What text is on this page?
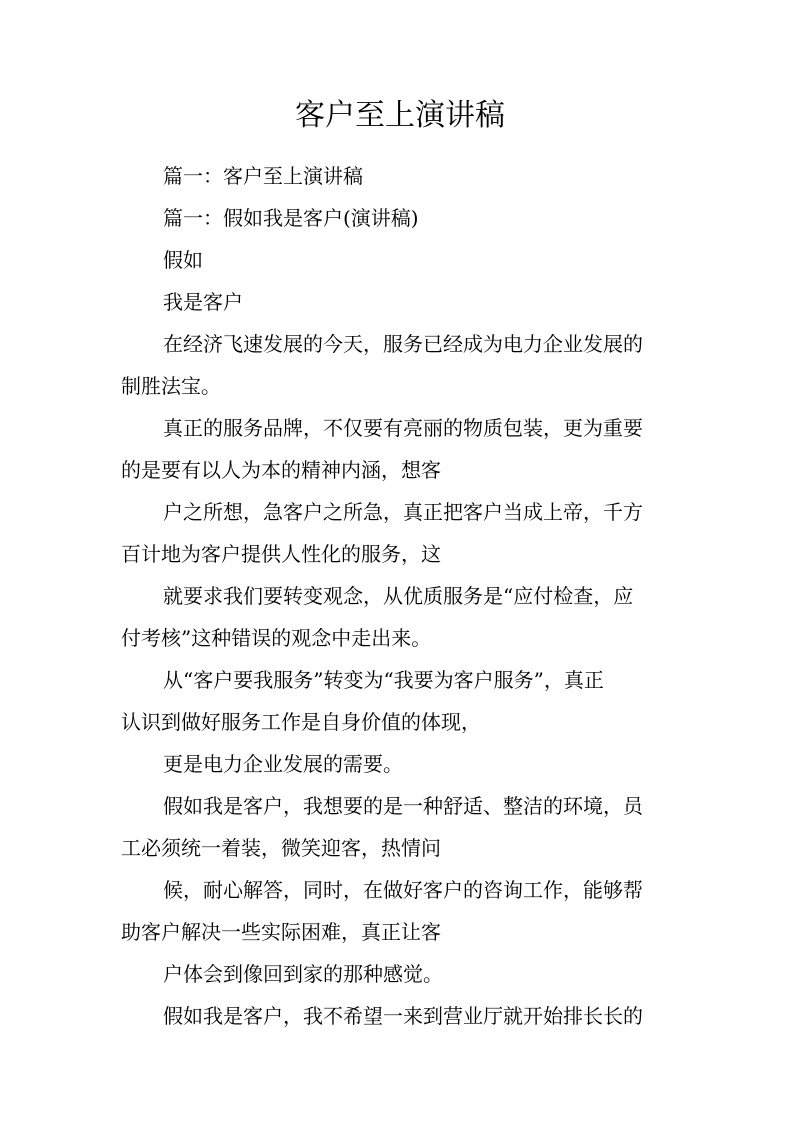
客户至上演讲稿
篇一：客户至上演讲稿
篇一：假如我是客户(演讲稿)
假如
我是客户
在经济飞速发展的今天，服务已经成为电力企业发展的
制胜法宝。
真正的服务品牌，不仅要有亮丽的物质包装，更为重要
的是要有以人为本的精神内涵，想客
户之所想，急客户之所急，真正把客户当成上帝，千方
百计地为客户提供人性化的服务，这
就要求我们要转变观念，从优质服务是“应付检查，应
付考核”这种错误的观念中走出来。
从“客户要我服务”转变为“我要为客户服务”，真正
认识到做好服务工作是自身价值的体现，
更是电力企业发展的需要。
假如我是客户，我想要的是一种舒适、整洁的环境，员
工必须统一着装，微笑迎客，热情问
候，耐心解答，同时，在做好客户的咨询工作，能够帮
助客户解决一些实际困难，真正让客
户体会到像回到家的那种感觉。
假如我是客户，我不希望一来到营业厅就开始排长长的
